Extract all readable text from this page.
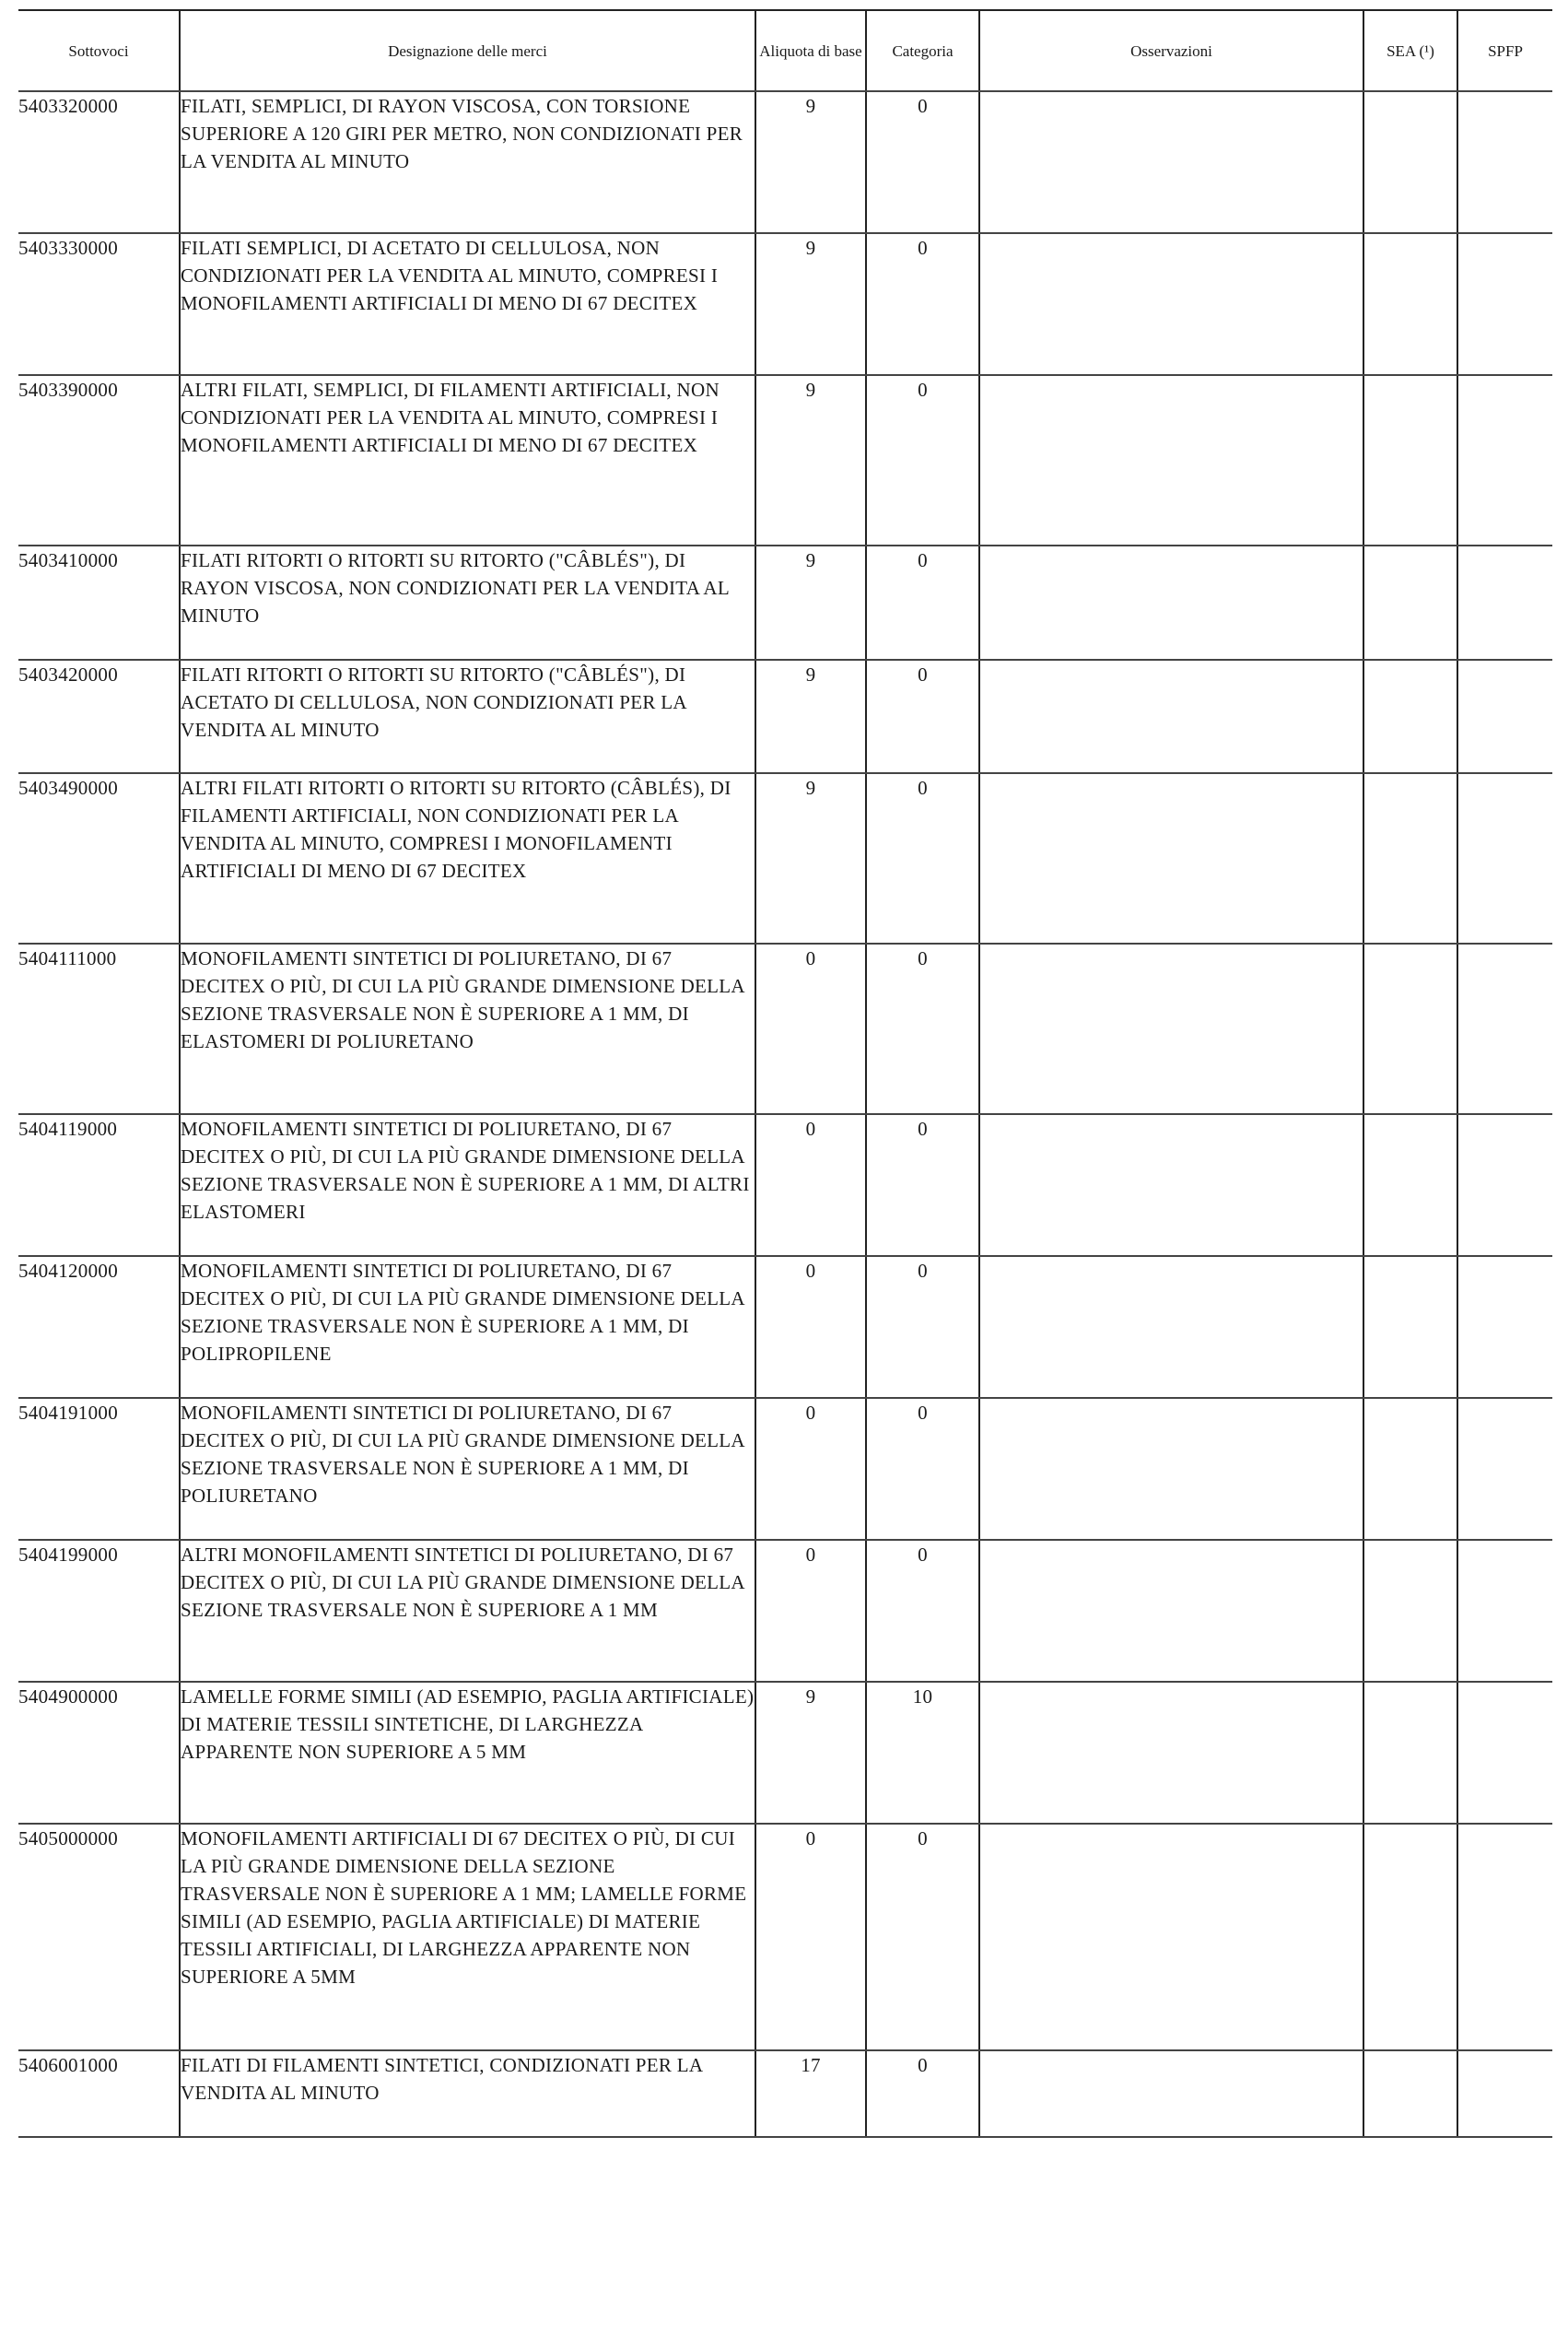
Sottovoci	Designazione delle merci	Aliquota di base	Categoria	Osservazioni	SEA (¹)	SPFP
5403320000	FILATI, SEMPLICI, DI RAYON VISCOSA, CON TORSIONE SUPERIORE A 120 GIRI PER METRO, NON CONDIZIONATI PER LA VENDITA AL MINUTO	9	0			
5403330000	FILATI SEMPLICI, DI ACETATO DI CELLULOSA, NON CONDIZIONATI PER LA VENDITA AL MINUTO, COMPRESI I MONOFILAMENTI ARTIFICIALI DI MENO DI 67 DECITEX	9	0			
5403390000	ALTRI FILATI, SEMPLICI, DI FILAMENTI ARTIFICIALI, NON CONDIZIONATI PER LA VENDITA AL MINUTO, COMPRESI I MONOFILAMENTI ARTIFICIALI DI MENO DI 67 DECITEX	9	0			
5403410000	FILATI RITORTI O RITORTI SU RITORTO ("CÂBLÉS"), DI RAYON VISCOSA, NON CONDIZIONATI PER LA VENDITA AL MINUTO	9	0			
5403420000	FILATI RITORTI O RITORTI SU RITORTO ("CÂBLÉS"), DI ACETATO DI CELLULOSA, NON CONDIZIONATI PER LA VENDITA AL MINUTO	9	0			
5403490000	ALTRI FILATI RITORTI O RITORTI SU RITORTO (CÂBLÉS), DI FILAMENTI ARTIFICIALI, NON CONDIZIONATI PER LA VENDITA AL MINUTO, COMPRESI I MONOFILAMENTI ARTIFICIALI DI MENO DI 67 DECITEX	9	0			
5404111000	MONOFILAMENTI SINTETICI DI POLIURETANO, DI 67 DECITEX O PIÙ, DI CUI LA PIÙ GRANDE DIMENSIONE DELLA SEZIONE TRASVERSALE NON È SUPERIORE A 1 MM, DI ELASTOMERI DI POLIURETANO	0	0			
5404119000	MONOFILAMENTI SINTETICI DI POLIURETANO, DI 67 DECITEX O PIÙ, DI CUI LA PIÙ GRANDE DIMENSIONE DELLA SEZIONE TRASVERSALE NON È SUPERIORE A 1 MM, DI ALTRI ELASTOMERI	0	0			
5404120000	MONOFILAMENTI SINTETICI DI POLIURETANO, DI 67 DECITEX O PIÙ, DI CUI LA PIÙ GRANDE DIMENSIONE DELLA SEZIONE TRASVERSALE NON È SUPERIORE A 1 MM, DI POLIPROPILENE	0	0			
5404191000	MONOFILAMENTI SINTETICI DI POLIURETANO, DI 67 DECITEX O PIÙ, DI CUI LA PIÙ GRANDE DIMENSIONE DELLA SEZIONE TRASVERSALE NON È SUPERIORE A 1 MM, DI POLIURETANO	0	0			
5404199000	ALTRI MONOFILAMENTI SINTETICI DI POLIURETANO, DI 67 DECITEX O PIÙ, DI CUI LA PIÙ GRANDE DIMENSIONE DELLA SEZIONE TRASVERSALE NON È SUPERIORE A 1 MM	0	0			
5404900000	LAMELLE FORME SIMILI (AD ESEMPIO, PAGLIA ARTIFICIALE) DI MATERIE TESSILI SINTETICHE, DI LARGHEZZA APPARENTE NON SUPERIORE A 5 MM	9	10			
5405000000	MONOFILAMENTI ARTIFICIALI DI 67 DECITEX O PIÙ, DI CUI LA PIÙ GRANDE DIMENSIONE DELLA SEZIONE TRASVERSALE NON È SUPERIORE A 1 MM; LAMELLE FORME SIMILI (AD ESEMPIO, PAGLIA ARTIFICIALE) DI MATERIE TESSILI ARTIFICIALI, DI LARGHEZZA APPARENTE NON SUPERIORE A 5MM	0	0			
5406001000	FILATI DI FILAMENTI SINTETICI, CONDIZIONATI PER LA VENDITA AL MINUTO	17	0			
